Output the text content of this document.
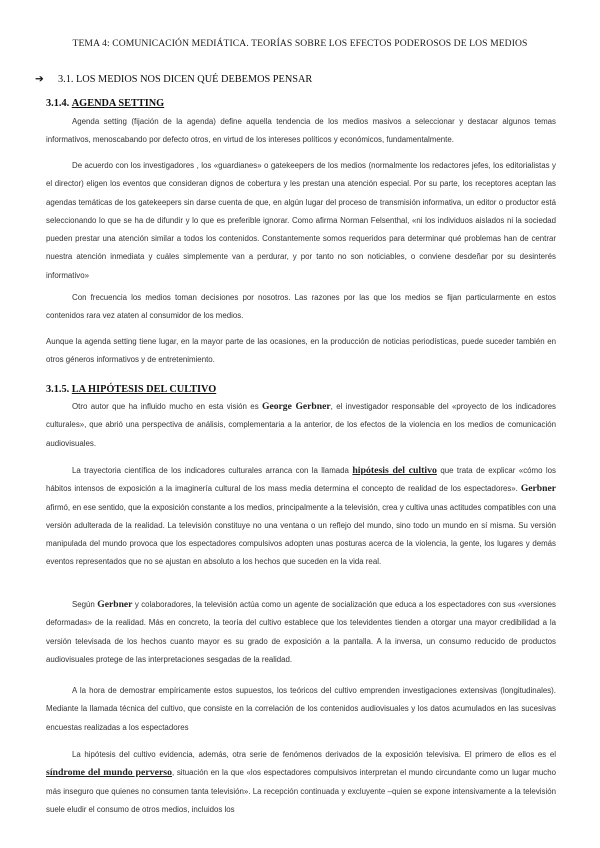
TEMA 4: COMUNICACIÓN MEDIÁTICA. TEORÍAS SOBRE LOS EFECTOS PODEROSOS DE LOS MEDIOS
➔ 3.1. LOS MEDIOS NOS DICEN QUÉ DEBEMOS PENSAR
3.1.4. AGENDA SETTING

Agenda setting (fijación de la agenda) define aquella tendencia de los medios masivos a seleccionar y destacar algunos temas informativos, menoscabando por defecto otros, en virtud de los intereses políticos y económicos, fundamentalmente.

De acuerdo con los investigadores , los «guardianes» o gatekeepers de los medios (normalmente los redactores jefes, los editorialistas y el director) eligen los eventos que consideran dignos de cobertura y les prestan una atención especial. Por su parte, los receptores aceptan las agendas temáticas de los gatekeepers sin darse cuenta de que, en algún lugar del proceso de transmisión informativa, un editor o productor está seleccionando lo que se ha de difundir y lo que es preferible ignorar. Como afirma Norman Felsenthal, «ni los individuos aislados ni la sociedad pueden prestar una atención similar a todos los contenidos. Constantemente somos requeridos para determinar qué problemas han de centrar nuestra atención inmediata y cuáles simplemente van a perdurar, y por tanto no son noticiables, o conviene desdeñar por su desinterés informativo»

Con frecuencia los medios toman decisiones por nosotros. Las razones por las que los medios se fijan particularmente en estos contenidos rara vez ataten al consumidor de los medios.

Aunque la agenda setting tiene lugar, en la mayor parte de las ocasiones, en la producción de noticias periodísticas, puede suceder también en otros géneros informativos y de entretenimiento.

3.1.5. LA HIPÓTESIS DEL CULTIVO

Otro autor que ha influido mucho en esta visión es George Gerbner, el investigador responsable del «proyecto de los indicadores culturales», que abrió una perspectiva de análisis, complementaria a la anterior, de los efectos de la violencia en los medios de comunicación audiovisuales.

La trayectoria científica de los indicadores culturales arranca con la llamada hipótesis del cultivo que trata de explicar «cómo los hábitos intensos de exposición a la imaginería cultural de los mass media determina el concepto de realidad de los espectadores». Gerbner afirmó, en ese sentido, que la exposición constante a los medios, principalmente a la televisión, crea y cultiva unas actitudes compatibles con una versión adulterada de la realidad. La televisión constituye no una ventana o un reflejo del mundo, sino todo un mundo en sí misma. Su versión manipulada del mundo provoca que los espectadores compulsivos adopten unas posturas acerca de la violencia, la gente, los lugares y demás eventos representados que no se ajustan en absoluto a los hechos que suceden en la vida real.

Según Gerbner y colaboradores, la televisión actúa como un agente de socialización que educa a los espectadores con sus «versiones deformadas» de la realidad. Más en concreto, la teoría del cultivo establece que los televidentes tienden a otorgar una mayor credibilidad a la versión televisada de los hechos cuanto mayor es su grado de exposición a la pantalla. A la inversa, un consumo reducido de productos audiovisuales protege de las interpretaciones sesgadas de la realidad.

A la hora de demostrar empíricamente estos supuestos, los teóricos del cultivo emprenden investigaciones extensivas (longitudinales). Mediante la llamada técnica del cultivo, que consiste en la correlación de los contenidos audiovisuales y los datos acumulados en las sucesivas encuestas realizadas a los espectadores

La hipótesis del cultivo evidencia, además, otra serie de fenómenos derivados de la exposición televisiva. El primero de ellos es el síndrome del mundo perverso, situación en la que «los espectadores compulsivos interpretan el mundo circundante como un lugar mucho más inseguro que quienes no consumen tanta televisión». La recepción continuada y excluyente –quien se expone intensivamente a la televisión suele eludir el consumo de otros medios, incluidos los
